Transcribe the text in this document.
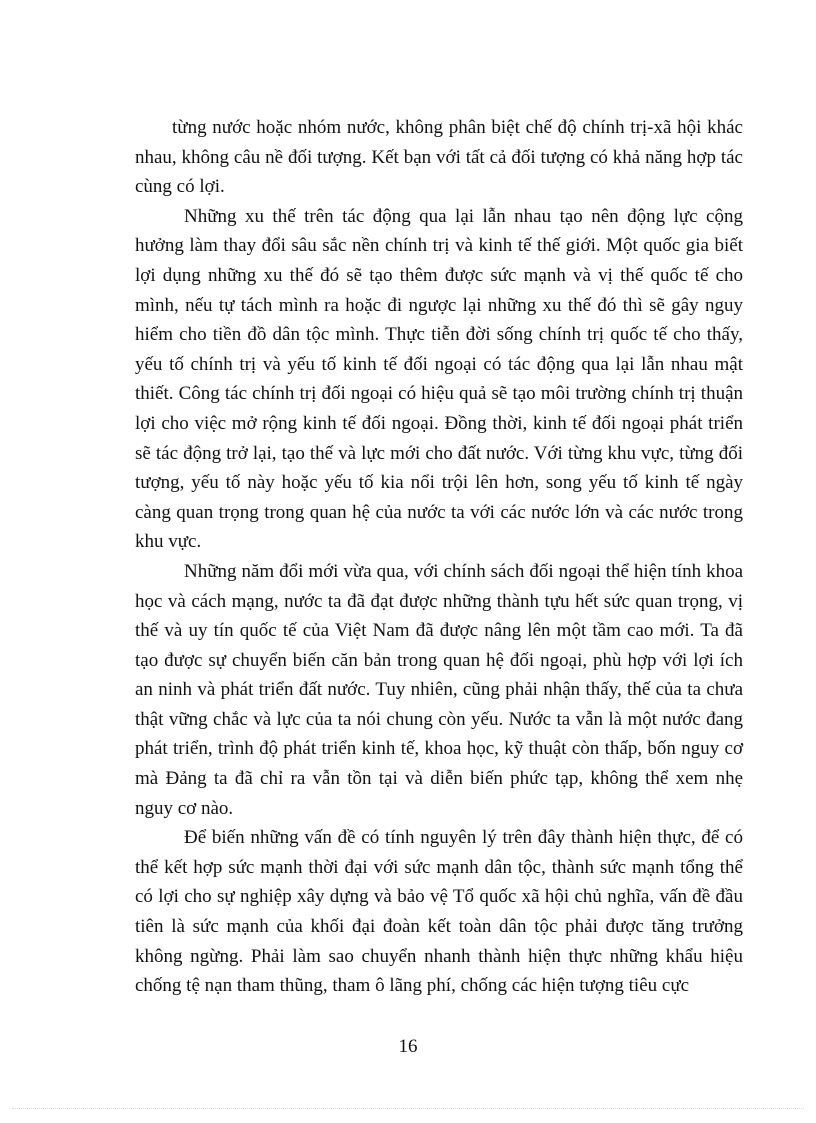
từng nước hoặc nhóm nước, không phân biệt chế độ chính trị-xã hội khác nhau, không câu nề đối tượng. Kết bạn với tất cả đối tượng có khả năng hợp tác cùng có lợi.

Những xu thế trên tác động qua lại lẫn nhau tạo nên động lực cộng hưởng làm thay đổi sâu sắc nền chính trị và kinh tế thế giới. Một quốc gia biết lợi dụng những xu thế đó sẽ tạo thêm được sức mạnh và vị thế quốc tế cho mình, nếu tự tách mình ra hoặc đi ngược lại những xu thế đó thì sẽ gây nguy hiểm cho tiền đồ dân tộc mình. Thực tiễn đời sống chính trị quốc tế cho thấy, yếu tố chính trị và yếu tố kinh tế đối ngoại có tác động qua lại lẫn nhau mật thiết. Công tác chính trị đối ngoại có hiệu quả sẽ tạo môi trường chính trị thuận lợi cho việc mở rộng kinh tế đối ngoại. Đồng thời, kinh tế đối ngoại phát triển sẽ tác động trở lại, tạo thế và lực mới cho đất nước. Với từng khu vực, từng đối tượng, yếu tố này hoặc yếu tố kia nổi trội lên hơn, song yếu tố kinh tế ngày càng quan trọng trong quan hệ của nước ta với các nước lớn và các nước trong khu vực.

Những năm đổi mới vừa qua, với chính sách đối ngoại thể hiện tính khoa học và cách mạng, nước ta đã đạt được những thành tựu hết sức quan trọng, vị thế và uy tín quốc tế của Việt Nam đã được nâng lên một tầm cao mới. Ta đã tạo được sự chuyển biến căn bản trong quan hệ đối ngoại, phù hợp với lợi ích an ninh và phát triển đất nước. Tuy nhiên, cũng phải nhận thấy, thế của ta chưa thật vững chắc và lực của ta nói chung còn yếu. Nước ta vẫn là một nước đang phát triển, trình độ phát triển kinh tế, khoa học, kỹ thuật còn thấp, bốn nguy cơ mà Đảng ta đã chỉ ra vẫn tồn tại và diễn biến phức tạp, không thể xem nhẹ nguy cơ nào.

Để biến những vấn đề có tính nguyên lý trên đây thành hiện thực, để có thể kết hợp sức mạnh thời đại với sức mạnh dân tộc, thành sức mạnh tổng thể có lợi cho sự nghiệp xây dựng và bảo vệ Tổ quốc xã hội chủ nghĩa, vấn đề đầu tiên là sức mạnh của khối đại đoàn kết toàn dân tộc phải được tăng trưởng không ngừng. Phải làm sao chuyển nhanh thành hiện thực những khẩu hiệu chống tệ nạn tham thũng, tham ô lãng phí, chống các hiện tượng tiêu cực

16
